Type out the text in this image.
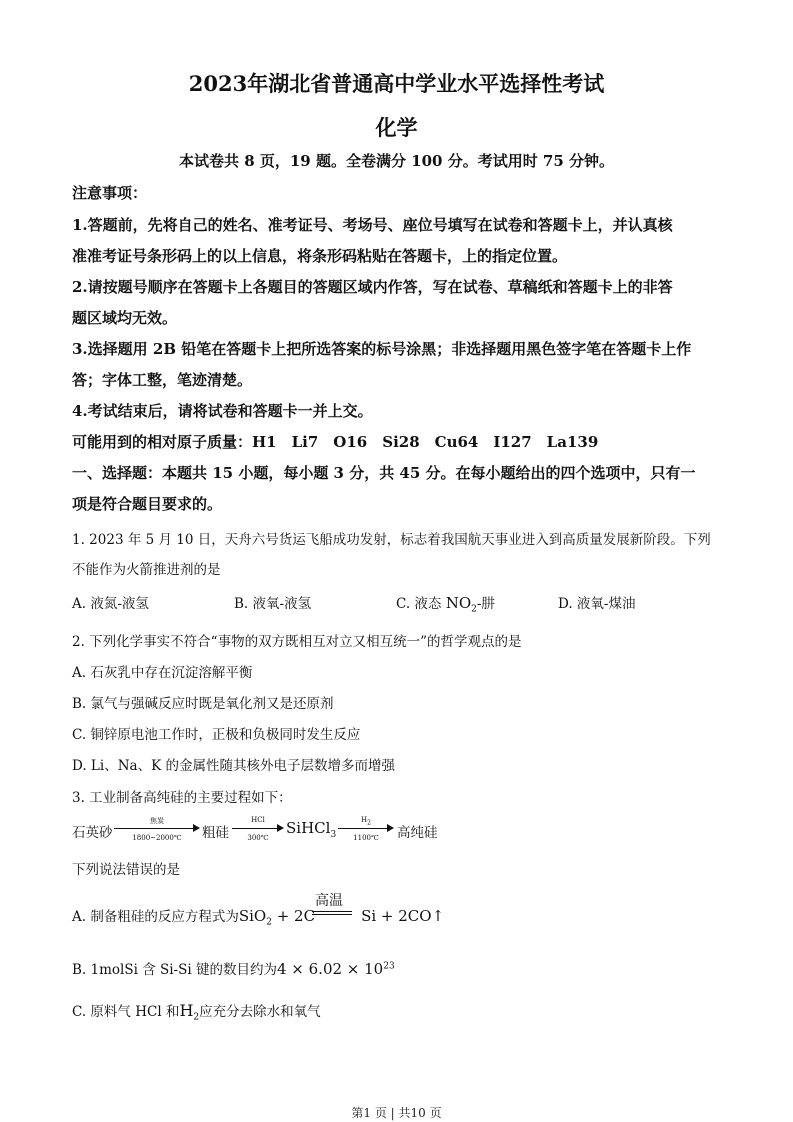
2023年湖北省普通高中学业水平选择性考试
化学
本试卷共 8 页，19 题。全卷满分 100 分。考试用时 75 分钟。
注意事项：
1.答题前，先将自己的姓名、准考证号、考场号、座位号填写在试卷和答题卡上，并认真核
准准考证号条形码上的以上信息，将条形码粘贴在答题卡，上的指定位置。
2.请按题号顺序在答题卡上各题目的答题区域内作答，写在试卷、草稿纸和答题卡上的非答
题区域均无效。
3.选择题用 2B 铅笔在答题卡上把所选答案的标号涂黑；非选择题用黑色签字笔在答题卡上作
答；字体工整，笔迹清楚。
4.考试结束后，请将试卷和答题卡一并上交。
可能用到的相对原子质量：H1　Li7　O16　Si28　Cu64　I127　La139
一、选择题：本题共 15 小题，每小题 3 分，共 45 分。在每小题给出的四个选项中，只有一
项是符合题目要求的。
1. 2023 年 5 月 10 日，天舟六号货运飞船成功发射，标志着我国航天事业进入到高质量发展新阶段。下列
不能作为火箭推进剂的是
A. 液氮-液氢	B. 液氧-液氢	C. 液态 $NO_2-$肼	D. 液氧-煤油
2. 下列化学事实不符合“事物的双方既相互对立又相互统一”的哲学观点的是
A. 石灰乳中存在沉淀溶解平衡
B. 氯气与强碱反应时既是氧化剂又是还原剂
C. 铜锌原电池工作时，正极和负极同时发生反应
D. Li、Na、K 的金属性随其核外电子层数增多而增强
3. 工业制备高纯硅的主要过程如下：
石英砂
焦炭
1800~2000℃	粗硅
HCl
300℃
SiHCl$_3$
$H_2$
1100℃	高纯硅
下列说法错误的是
A. 制备粗硅的反应方程式为SiO$_2$ + 2C	Si + 2CO↑
高温
B. 1molSi 含 Si-Si 键的数目约为$4 \times 6.02 \times 10^{23}$
C. 原料气 HCl 和$H_2$应充分去除水和氧气
第1 页 | 共10 页
